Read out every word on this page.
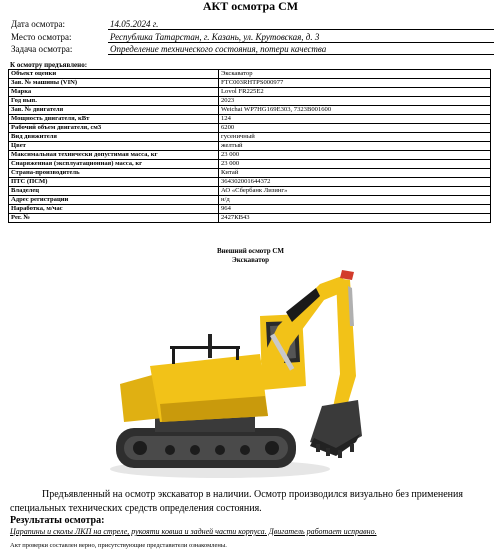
АКТ осмотра СМ
Дата осмотра:	14.05.2024 г.
Место осмотра:	Республика Татарстан, г. Казань, ул. Крутовская, д. 3
Задача осмотра:	Определение технического состояния, потери качества
К осмотру предъявлено:
Объект оценки	Экскаватор
Зав. № машины (VIN)	FTC003RHTPS000977
Марка	Lovol FR225E2
Год вып.	2023
Зав. № двигателя	Weichai WP7HG169E303, 7323B001600
Мощность двигателя, кВт	124
Рабочий объем двигателя, см3	6200
Вид движителя	гусеничный
Цвет	желтый
Максимальная технически допустимая масса, кг	23 000
Снаряженная (эксплуатационная) масса, кг	23 000
Страна-производитель	Китай
ПТС (ПСМ)	364302001644372
Владелец	АО «Сбербанк Лизинг»
Адрес регистрации	н/д
Наработка, м/час	964
Рег. №	2427КВ43
Внешний осмотр СМ
Экскаватор
LOVOL
Предъявленный на осмотр экскаватор в наличии. Осмотр производился визуально без применения специальных технических средств определения состояния.
Результаты осмотра:
Царапины и сколы ЛКП на стреле, рукояти ковша и задней части корпуса. Двигатель работает исправно.
Акт проверки составлен верно, присутствующие представители ознакомлены.
